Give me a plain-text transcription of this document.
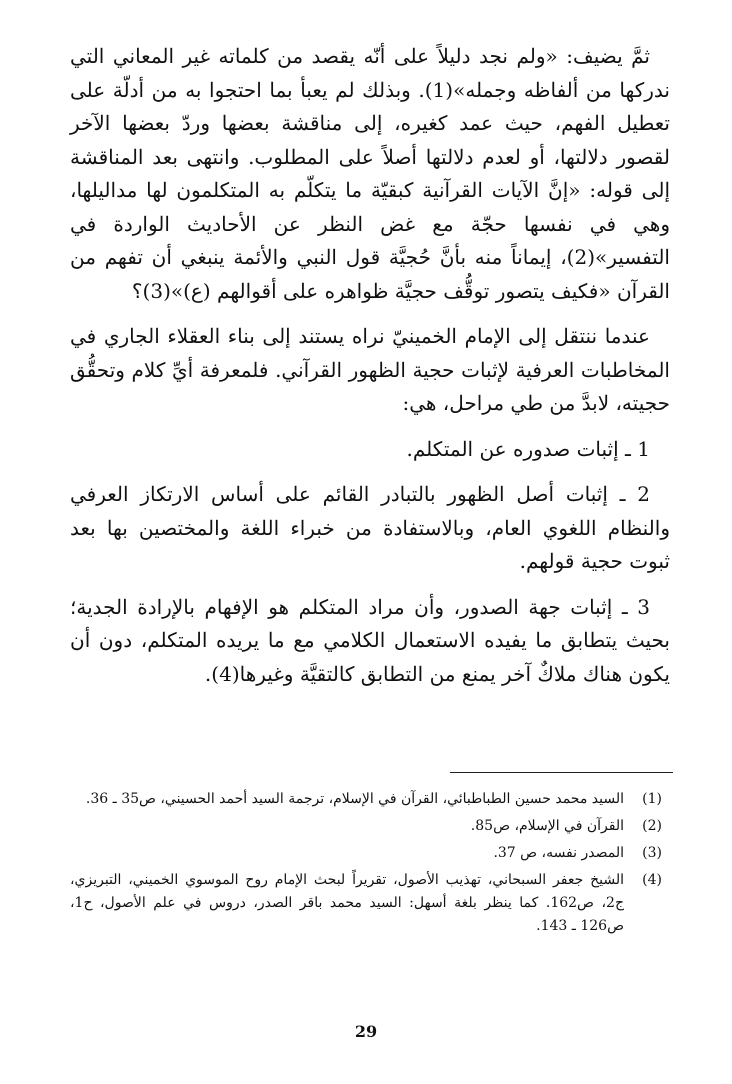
ثمَّ يضيف: «ولم نجد دليلاً على أنّه يقصد من كلماته غير المعاني التي ندركها من ألفاظه وجمله»(1). وبذلك لم يعبأ بما احتجوا به من أدلّة على تعطيل الفهم، حيث عمد كغيره، إلى مناقشة بعضها وردّ بعضها الآخر لقصور دلالتها، أو لعدم دلالتها أصلاً على المطلوب. وانتهى بعد المناقشة إلى قوله: «إنَّ الآيات القرآنية كبقيّة ما يتكلّم به المتكلمون لها مداليلها، وهي في نفسها حجّة مع غض النظر عن الأحاديث الواردة في التفسير»(2)، إيماناً منه بأنَّ حُجيَّة قول النبي والأئمة ينبغي أن تفهم من القرآن «فكيف يتصور توقُّف حجيَّة ظواهره على أقوالهم (ع)»(3)؟

عندما ننتقل إلى الإمام الخمينيّ نراه يستند إلى بناء العقلاء الجاري في المخاطبات العرفية لإثبات حجية الظهور القرآني. فلمعرفة أيِّ كلام وتحقُّق حجيته، لابدَّ من طي مراحل، هي:

1 ـ إثبات صدوره عن المتكلم.

2 ـ إثبات أصل الظهور بالتبادر القائم على أساس الارتكاز العرفي والنظام اللغوي العام، وبالاستفادة من خبراء اللغة والمختصين بها بعد ثبوت حجية قولهم.

3 ـ إثبات جهة الصدور، وأن مراد المتكلم هو الإفهام بالإرادة الجدية؛ بحيث يتطابق ما يفيده الاستعمال الكلامي مع ما يريده المتكلم، دون أن يكون هناك ملاكٌ آخر يمنع من التطابق كالتقيَّة وغيرها(4).

(1)
السيد محمد حسين الطباطبائي، القرآن في الإسلام، ترجمة السيد أحمد الحسيني، ص35 ـ 36.
(2)
القرآن في الإسلام، ص85.
(3)
المصدر نفسه، ص 37.
(4)
الشيخ جعفر السبحاني، تهذيب الأصول، تقريراً لبحث الإمام روح الموسوي الخميني، التبريزي، ج2، ص162. كما ينظر بلغة أسهل: السيد محمد باقر الصدر، دروس في علم الأصول، ح1، ص126 ـ 143.
29
